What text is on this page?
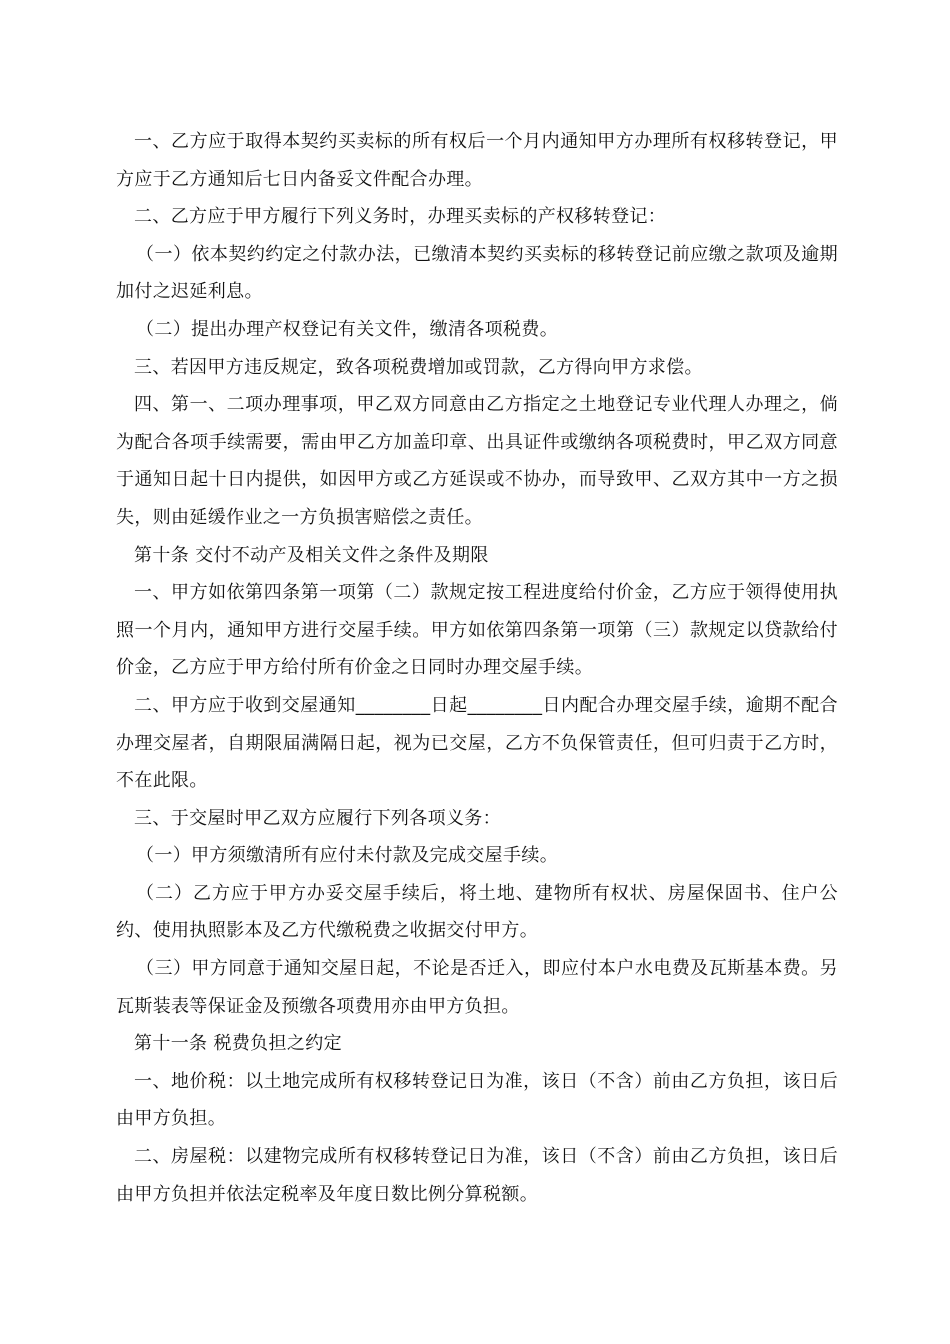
一、乙方应于取得本契约买卖标的所有权后一个月内通知甲方办理所有权移转登记，甲方应于乙方通知后七日内备妥文件配合办理。

二、乙方应于甲方履行下列义务时，办理买卖标的产权移转登记：

（一）依本契约约定之付款办法，已缴清本契约买卖标的移转登记前应缴之款项及逾期加付之迟延利息。

（二）提出办理产权登记有关文件，缴清各项税费。

三、若因甲方违反规定，致各项税费增加或罚款，乙方得向甲方求偿。

四、第一、二项办理事项，甲乙双方同意由乙方指定之土地登记专业代理人办理之，倘为配合各项手续需要，需由甲乙方加盖印章、出具证件或缴纳各项税费时，甲乙双方同意于通知日起十日内提供，如因甲方或乙方延误或不协办，而导致甲、乙双方其中一方之损失，则由延缓作业之一方负损害赔偿之责任。

第十条 交付不动产及相关文件之条件及期限

一、甲方如依第四条第一项第（二）款规定按工程进度给付价金，乙方应于领得使用执照一个月内，通知甲方进行交屋手续。甲方如依第四条第一项第（三）款规定以贷款给付价金，乙方应于甲方给付所有价金之日同时办理交屋手续。

二、甲方应于收到交屋通知________日起________日内配合办理交屋手续，逾期不配合办理交屋者，自期限届满隔日起，视为已交屋，乙方不负保管责任，但可归责于乙方时，不在此限。

三、于交屋时甲乙双方应履行下列各项义务：

（一）甲方须缴清所有应付未付款及完成交屋手续。

（二）乙方应于甲方办妥交屋手续后，将土地、建物所有权状、房屋保固书、住户公约、使用执照影本及乙方代缴税费之收据交付甲方。

（三）甲方同意于通知交屋日起，不论是否迁入，即应付本户水电费及瓦斯基本费。另瓦斯装表等保证金及预缴各项费用亦由甲方负担。

第十一条 税费负担之约定

一、地价税：以土地完成所有权移转登记日为准，该日（不含）前由乙方负担，该日后由甲方负担。

二、房屋税：以建物完成所有权移转登记日为准，该日（不含）前由乙方负担，该日后由甲方负担并依法定税率及年度日数比例分算税额。
